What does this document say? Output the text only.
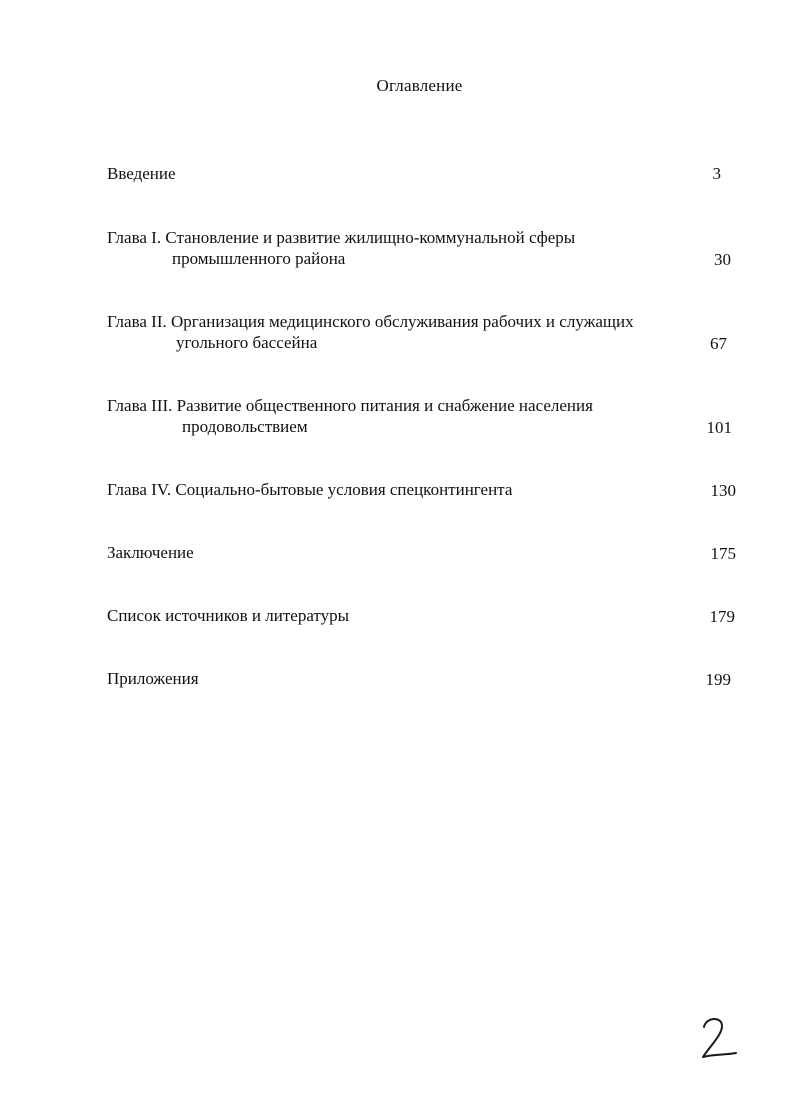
Оглавление
Введение	3
Глава I. Становление и развитие жилищно-коммунальной сферы
промышленного района	30
Глава II. Организация медицинского обслуживания рабочих и служащих
угольного бассейна	67
Глава III. Развитие общественного питания и снабжение населения
продовольствием	101
Глава IV. Социально-бытовые условия спецконтингента	130
Заключение	175
Список источников и литературы	179
Приложения	199
